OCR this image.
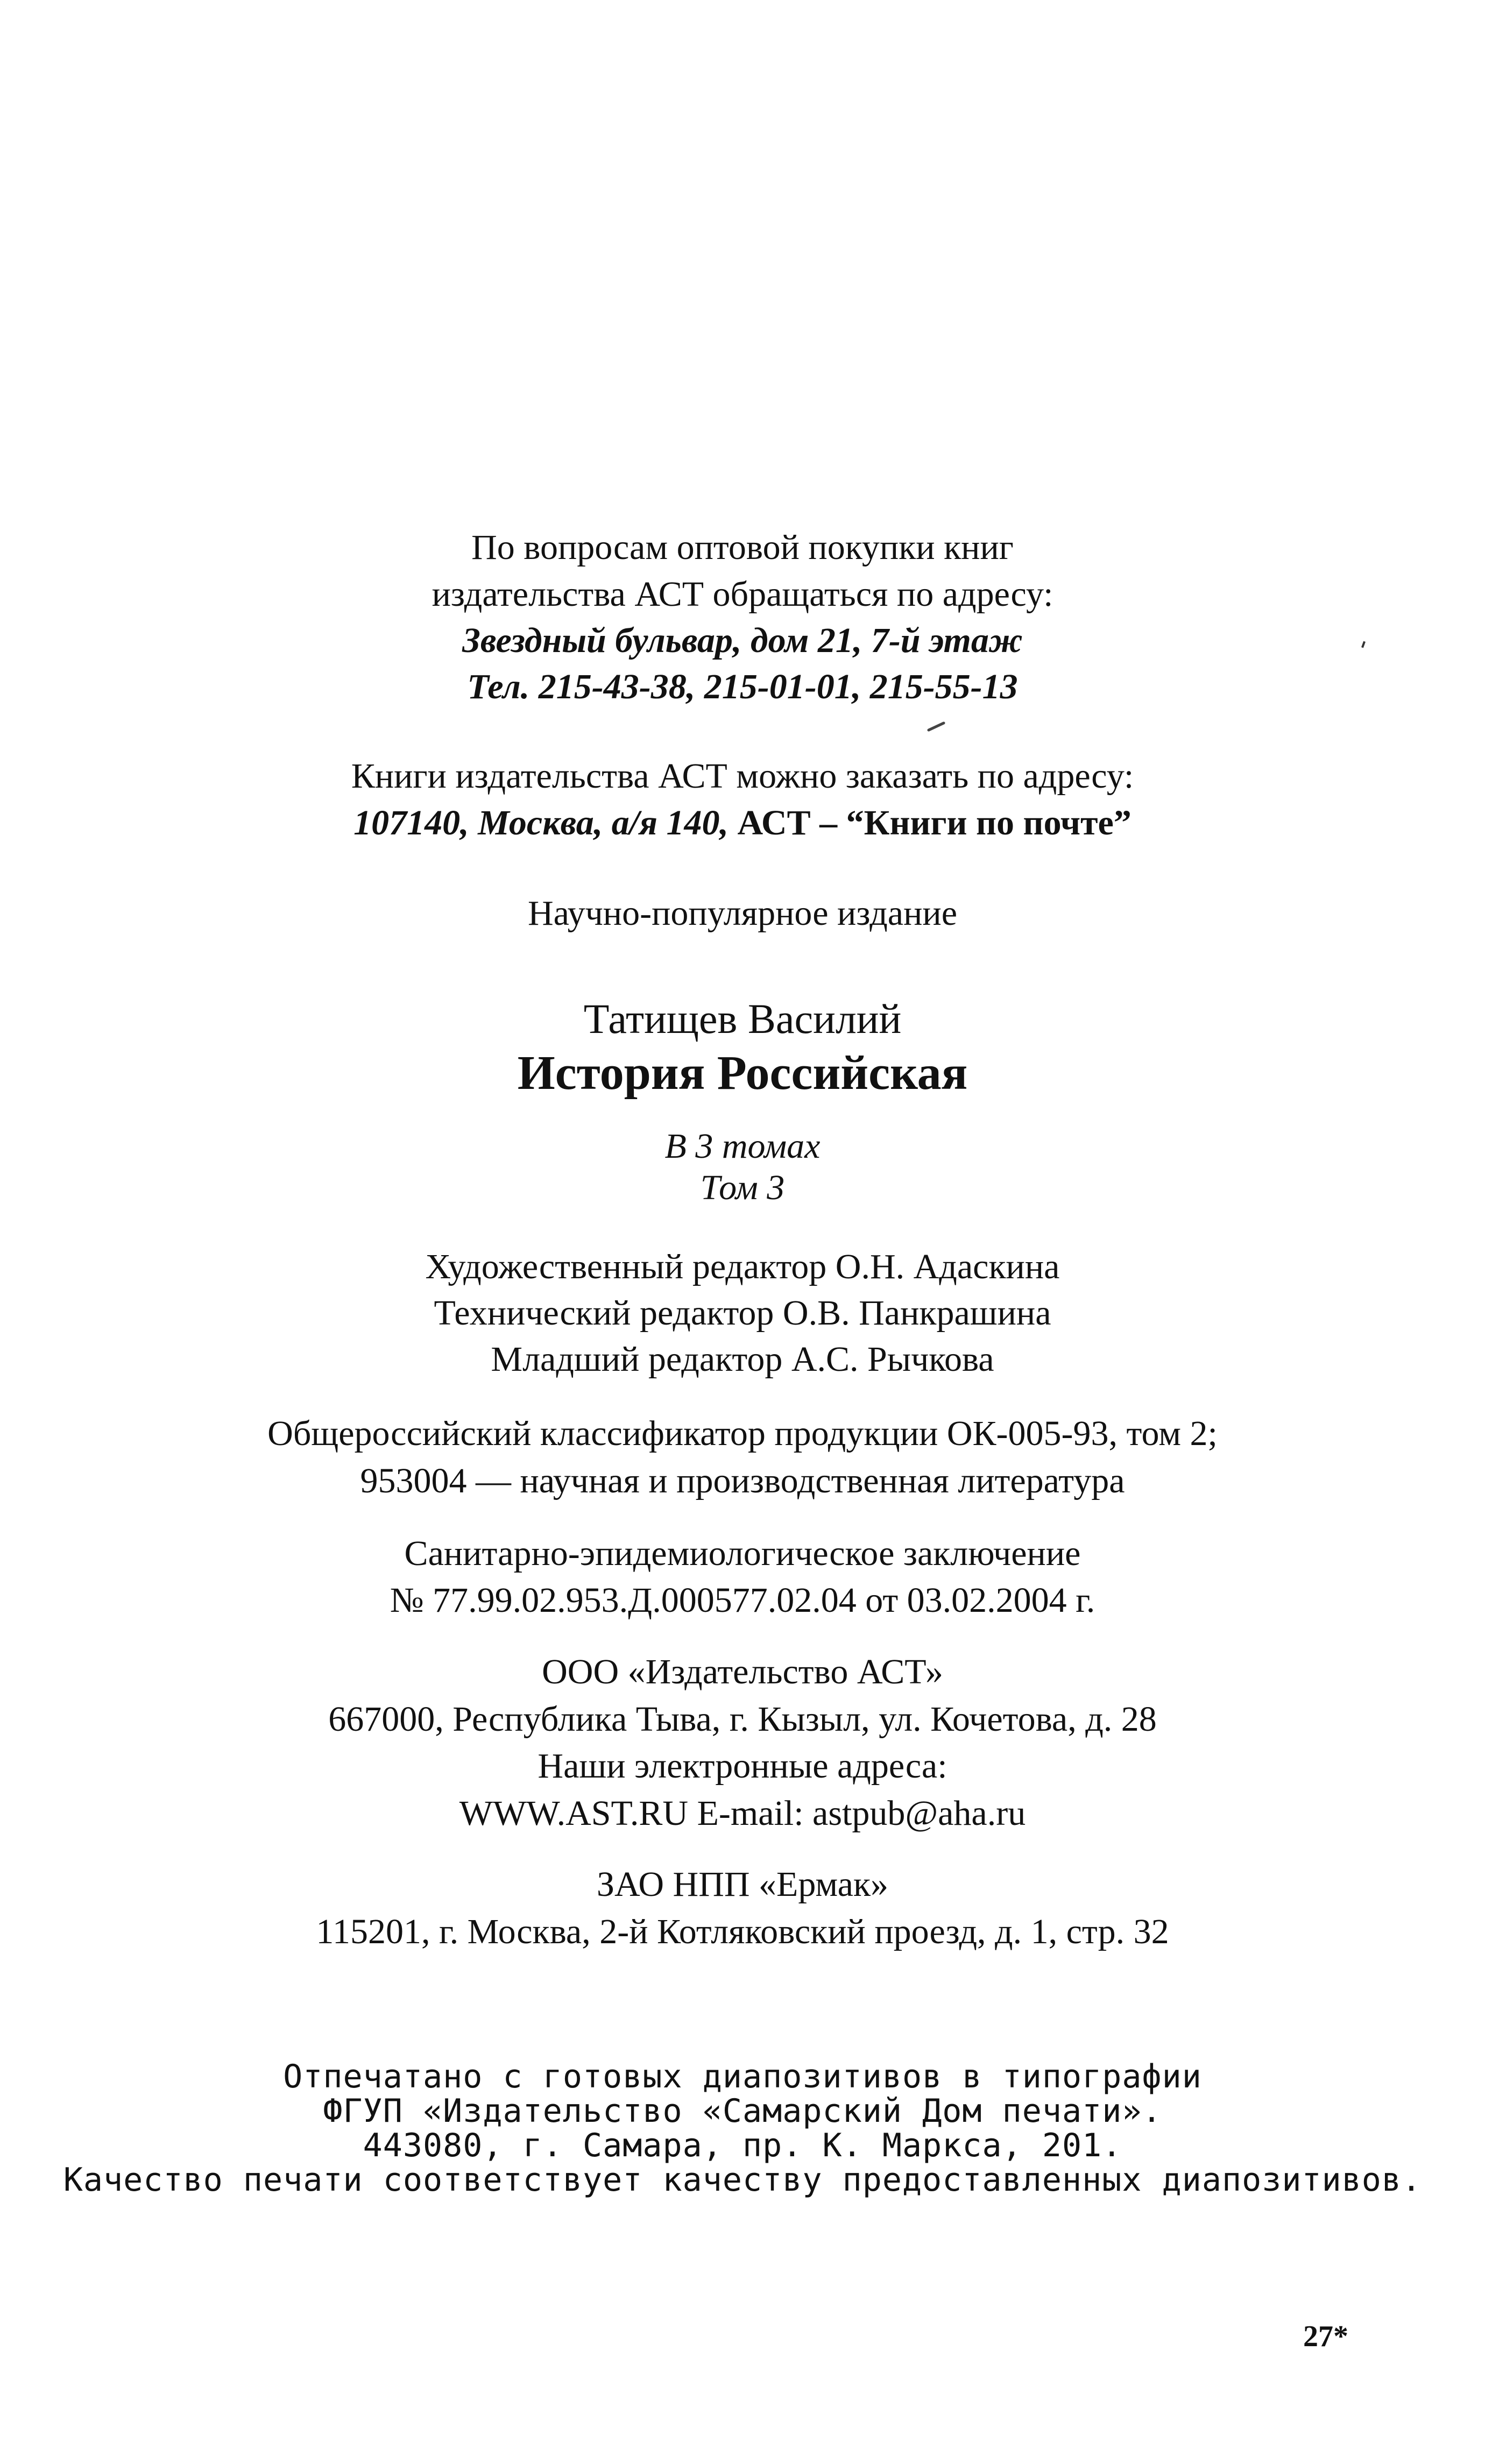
По вопросам оптовой покупки книг
издательства АСТ обращаться по адресу:
Звездный бульвар, дом 21, 7-й этаж
Тел. 215-43-38, 215-01-01, 215-55-13
Книги издательства АСТ можно заказать по адресу:
107140, Москва, а/я 140, АСТ – “Книги по почте”
Научно-популярное издание
Татищев Василий
История Российская
В 3 томах
Том 3
Художественный редактор О.Н. Адаскина
Технический редактор О.В. Панкрашина
Младший редактор А.С. Рычкова
Общероссийский классификатор продукции ОК-005-93, том 2;
953004 — научная и производственная литература
Санитарно-эпидемиологическое заключение
№ 77.99.02.953.Д.000577.02.04 от 03.02.2004 г.
ООО «Издательство АСТ»
667000, Республика Тыва, г. Кызыл, ул. Кочетова, д. 28
Наши электронные адреса:
WWW.AST.RU E-mail: astpub@aha.ru
ЗАО НПП «Ермак»
115201, г. Москва, 2-й Котляковский проезд, д. 1, стр. 32
Отпечатано с готовых диапозитивов в типографии
ФГУП «Издательство «Самарский Дом печати».
443080, г. Самара, пр. К. Маркса, 201.
Качество печати соответствует качеству предоставленных диапозитивов.
27*
